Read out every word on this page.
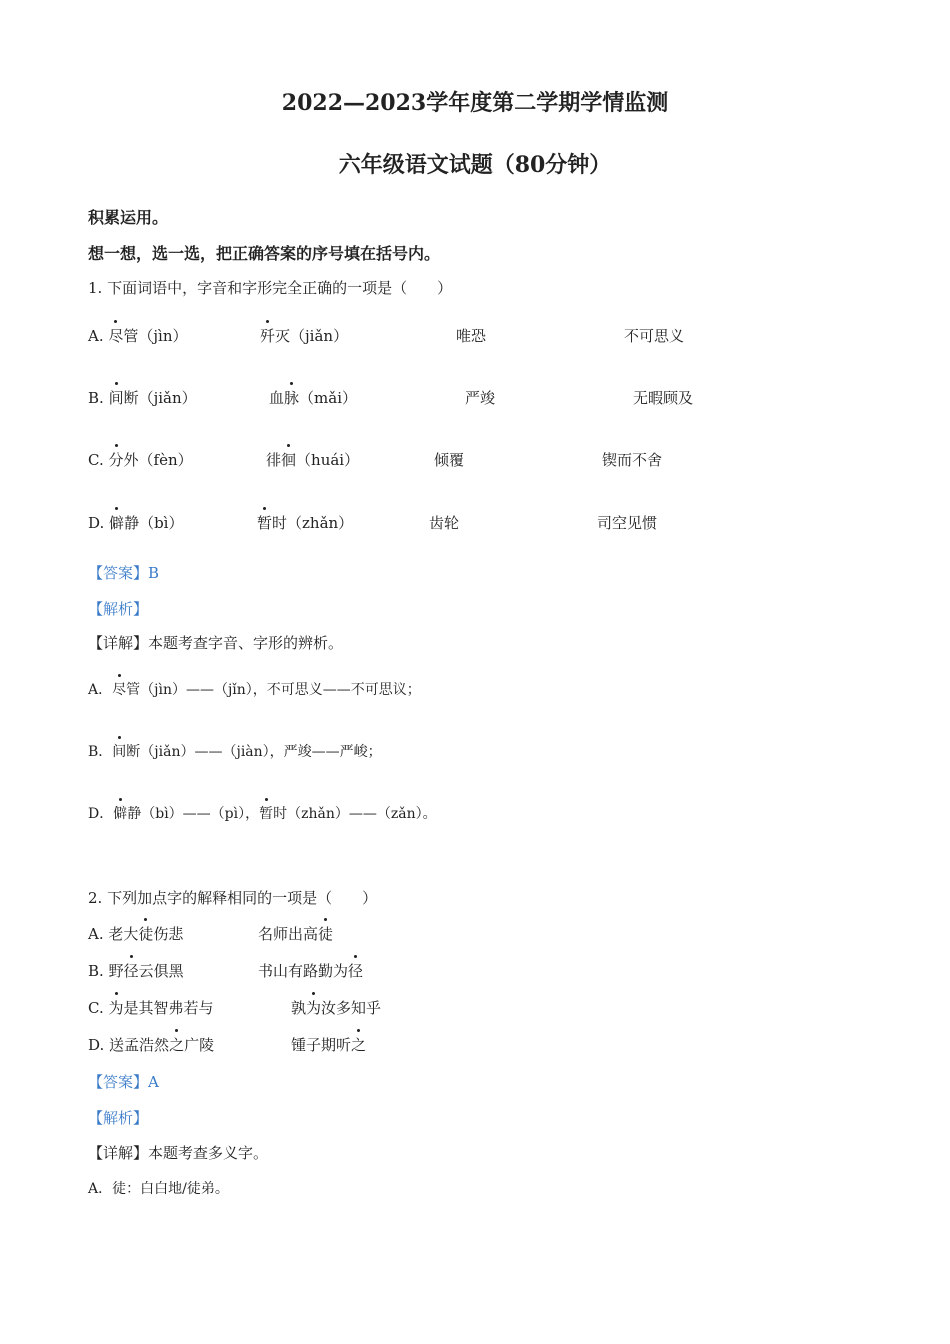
2022—2023学年度第二学期学情监测
六年级语文试题（80分钟）
积累运用。
想一想，选一选，把正确答案的序号填在括号内。
1. 下面词语中，字音和字形完全正确的一项是（　　）
A. 尽管（jìn）	歼灭（jiǎn）	唯恐	不可思义
B. 间断（jiǎn）	血脉（mǎi）	严竣	无暇顾及
C. 分外（fèn）	徘徊（huái）	倾覆	锲而不舍
D. 僻静（bì）	暂时（zhǎn）	齿轮	司空见惯
【答案】B
【解析】
【详解】本题考查字音、字形的辨析。
A．尽管（jìn）——（jǐn），不可思义——不可思议；
B．间断（jiǎn）——（jiàn），严竣——严峻；
D．僻静（bì）——（pì），暂时（zhǎn）——（zǎn）。
2. 下列加点字的解释相同的一项是（　　）
A. 老大徒伤悲	名师出高徒
B. 野径云俱黑	书山有路勤为径
C. 为是其智弗若与	孰为汝多知乎
D. 送孟浩然之广陵	锺子期听之
【答案】A
【解析】
【详解】本题考查多义字。
A．徒：白白地/徒弟。
